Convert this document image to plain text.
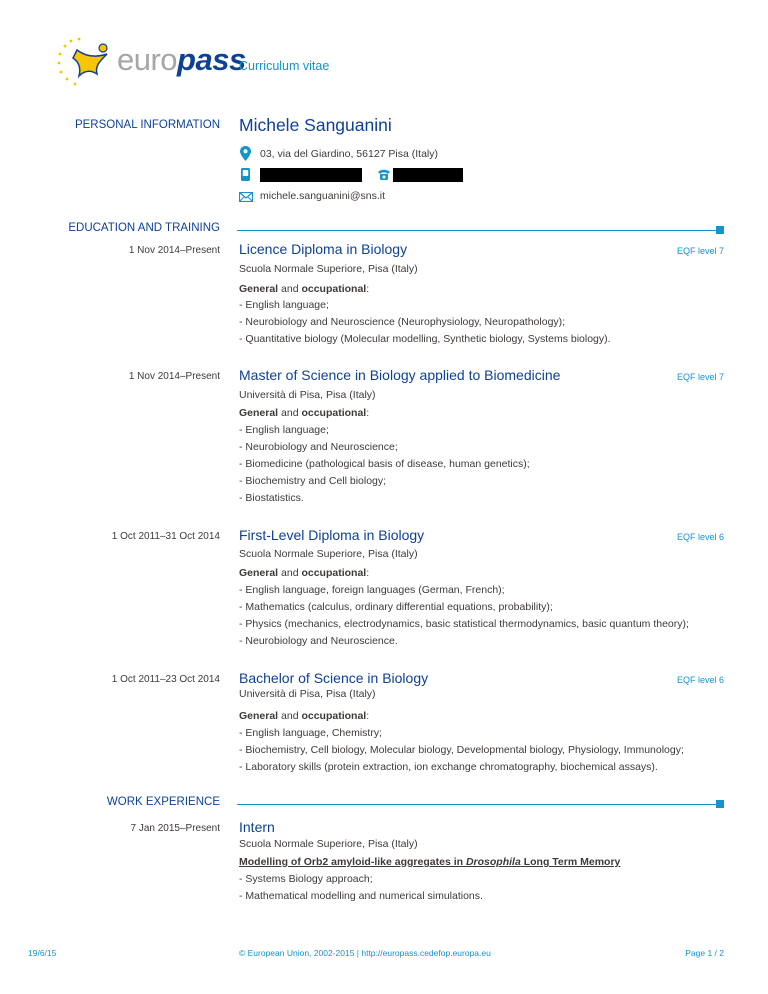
europass
Curriculum vitae
PERSONAL INFORMATION Michele Sanguanini
03, via del Giardino, 56127 Pisa (Italy)
michele.sanguanini@sns.it
EDUCATION AND TRAINING
1 Nov 2014–Present Licence Diploma in Biology	EQF level 7
Scuola Normale Superiore, Pisa (Italy)
General and occupational:
- English language;
- Neurobiology and Neuroscience (Neurophysiology, Neuropathology);
- Quantitative biology (Molecular modelling, Synthetic biology, Systems biology).
1 Nov 2014–Present Master of Science in Biology applied to Biomedicine	EQF level 7
Università di Pisa, Pisa (Italy)
General and occupational:
- English language;
- Neurobiology and Neuroscience;
- Biomedicine (pathological basis of disease, human genetics);
- Biochemistry and Cell biology;
- Biostatistics.
1 Oct 2011–31 Oct 2014 First-Level Diploma in Biology	EQF level 6
Scuola Normale Superiore, Pisa (Italy)
General and occupational:
- English language, foreign languages (German, French);
- Mathematics (calculus, ordinary differential equations, probability);
- Physics (mechanics, electrodynamics, basic statistical thermodynamics, basic quantum theory);
- Neurobiology and Neuroscience.
1 Oct 2011–23 Oct 2014 Bachelor of Science in Biology	EQF level 6
Università di Pisa, Pisa (Italy)
General and occupational:
- English language, Chemistry;
- Biochemistry, Cell biology, Molecular biology, Developmental biology, Physiology, Immunology;
- Laboratory skills (protein extraction, ion exchange chromatography, biochemical assays).
WORK EXPERIENCE
7 Jan 2015–Present Intern
Scuola Normale Superiore, Pisa (Italy)
Modelling of Orb2 amyloid-like aggregates in Drosophila Long Term Memory
- Systems Biology approach;
- Mathematical modelling and numerical simulations.
19/6/15	© European Union, 2002-2015 | http://europass.cedefop.europa.eu	Page 1 / 2
